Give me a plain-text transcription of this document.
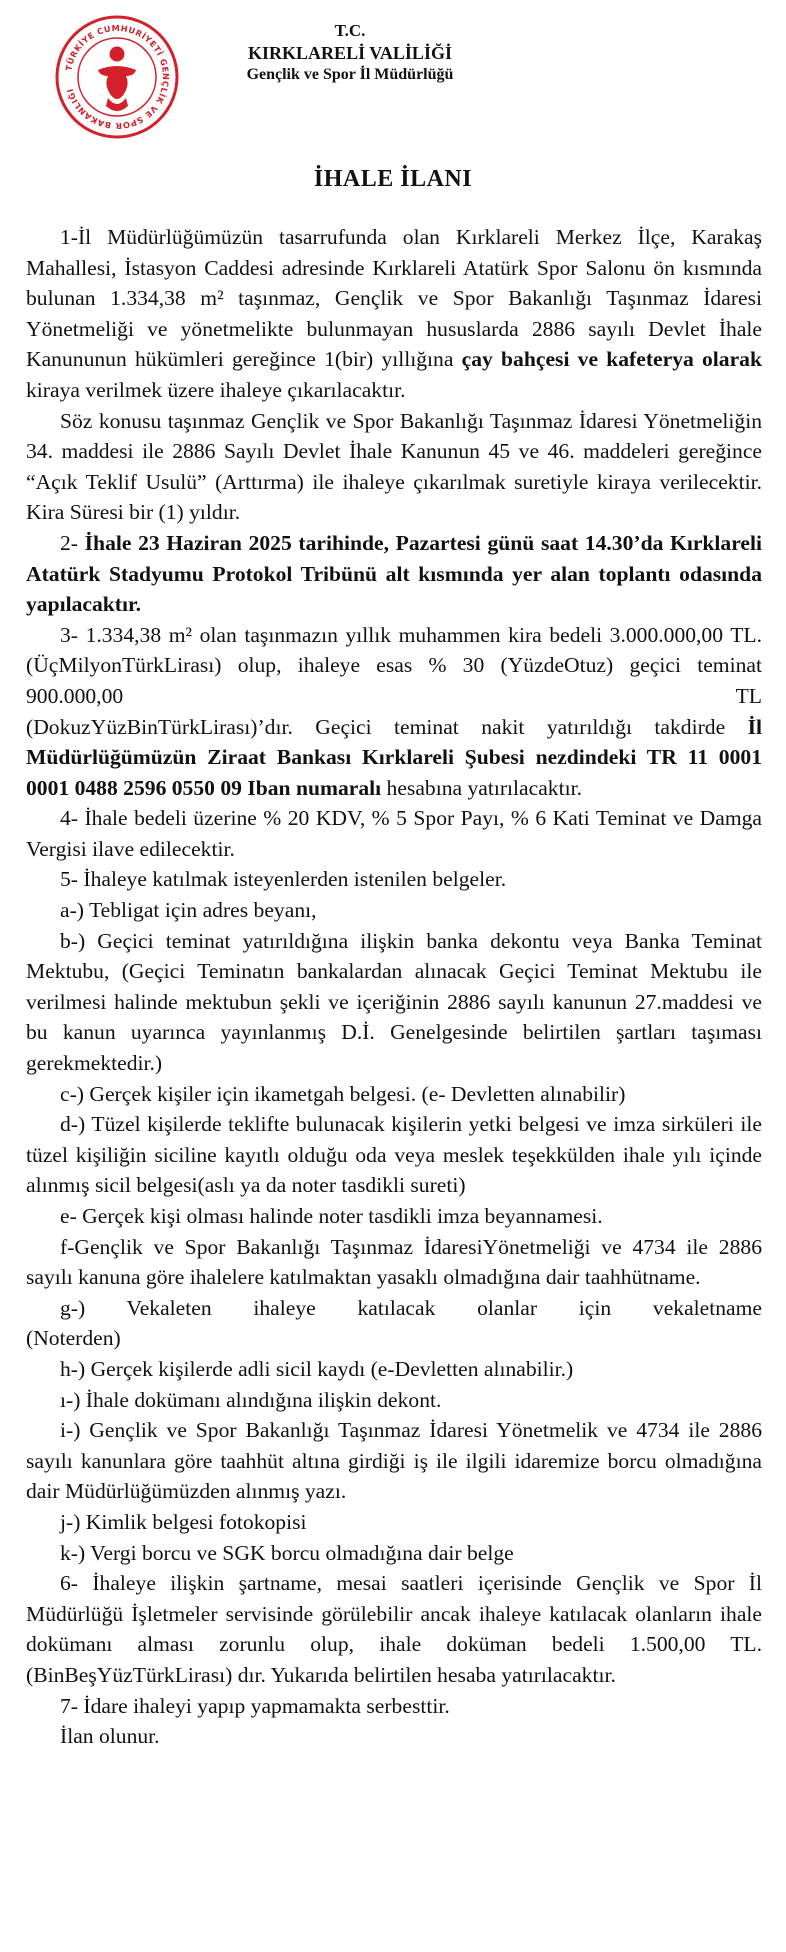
TÜRKİYE CUMHURİYETİ GENÇLİK VE SPOR BAKANLIĞI
T.C.
KIRKLARELİ VALİLİĞİ
Gençlik ve Spor İl Müdürlüğü
İHALE İLANI

1-İl Müdürlüğümüzün tasarrufunda olan Kırklareli Merkez İlçe, Karakaş Mahallesi, İstasyon Caddesi adresinde Kırklareli Atatürk Spor Salonu ön kısmında bulunan 1.334,38 m² taşınmaz, Gençlik ve Spor Bakanlığı Taşınmaz İdaresi Yönetmeliği ve yönetmelikte bulunmayan hususlarda 2886 sayılı Devlet İhale Kanununun hükümleri gereğince 1(bir) yıllığına çay bahçesi ve kafeterya olarak kiraya verilmek üzere ihaleye çıkarılacaktır.

Söz konusu taşınmaz Gençlik ve Spor Bakanlığı Taşınmaz İdaresi Yönetmeliğin 34. maddesi ile 2886 Sayılı Devlet İhale Kanunun 45 ve 46. maddeleri gereğince “Açık Teklif Usulü” (Arttırma) ile ihaleye çıkarılmak suretiyle kiraya verilecektir. Kira Süresi bir (1) yıldır.

2- İhale 23 Haziran 2025 tarihinde, Pazartesi günü saat 14.30’da Kırklareli Atatürk Stadyumu Protokol Tribünü alt kısmında yer alan toplantı odasında yapılacaktır.

3- 1.334,38 m² olan taşınmazın yıllık muhammen kira bedeli 3.000.000,00 TL. (ÜçMilyonTürkLirası) olup, ihaleye esas % 30 (YüzdeOtuz) geçici teminat 900.000,00	TL

(DokuzYüzBinTürkLirası)’dır. Geçici teminat nakit yatırıldığı takdirde İl Müdürlüğümüzün Ziraat Bankası Kırklareli Şubesi nezdindeki TR 11 0001 0001 0488 2596 0550 09 Iban numaralı hesabına yatırılacaktır.

4- İhale bedeli üzerine % 20 KDV, % 5 Spor Payı, % 6 Kati Teminat ve Damga Vergisi ilave edilecektir.

5- İhaleye katılmak isteyenlerden istenilen belgeler.

a-) Tebligat için adres beyanı,

b-) Geçici teminat yatırıldığına ilişkin banka dekontu veya Banka Teminat Mektubu, (Geçici Teminatın bankalardan alınacak Geçici Teminat Mektubu ile verilmesi halinde mektubun şekli ve içeriğinin 2886 sayılı kanunun 27.maddesi ve bu kanun uyarınca yayınlanmış D.İ. Genelgesinde belirtilen şartları taşıması gerekmektedir.)

c-) Gerçek kişiler için ikametgah belgesi. (e- Devletten alınabilir)

d-) Tüzel kişilerde teklifte bulunacak kişilerin yetki belgesi ve imza sirküleri ile tüzel kişiliğin siciline kayıtlı olduğu oda veya meslek teşekkülden ihale yılı içinde alınmış sicil belgesi(aslı ya da noter tasdikli sureti)

e- Gerçek kişi olması halinde noter tasdikli imza beyannamesi.

f-Gençlik ve Spor Bakanlığı Taşınmaz İdaresiYönetmeliği ve 4734 ile 2886 sayılı kanuna göre ihalelere katılmaktan yasaklı olmadığına dair taahhütname.

g-) Vekaleten ihaleye katılacak olanlar için vekaletname

(Noterden)

h-) Gerçek kişilerde adli sicil kaydı (e-Devletten alınabilir.)

ı-) İhale dokümanı alındığına ilişkin dekont.

i-) Gençlik ve Spor Bakanlığı Taşınmaz İdaresi Yönetmelik ve 4734 ile 2886 sayılı kanunlara göre taahhüt altına girdiği iş ile ilgili idaremize borcu olmadığına dair Müdürlüğümüzden alınmış yazı.

j-) Kimlik belgesi fotokopisi

k-) Vergi borcu ve SGK borcu olmadığına dair belge

6- İhaleye ilişkin şartname, mesai saatleri içerisinde Gençlik ve Spor İl Müdürlüğü İşletmeler servisinde görülebilir ancak ihaleye katılacak olanların ihale dokümanı alması zorunlu olup, ihale doküman bedeli 1.500,00 TL. (BinBeşYüzTürkLirası) dır. Yukarıda belirtilen hesaba yatırılacaktır.

7- İdare ihaleyi yapıp yapmamakta serbesttir.

İlan olunur.
